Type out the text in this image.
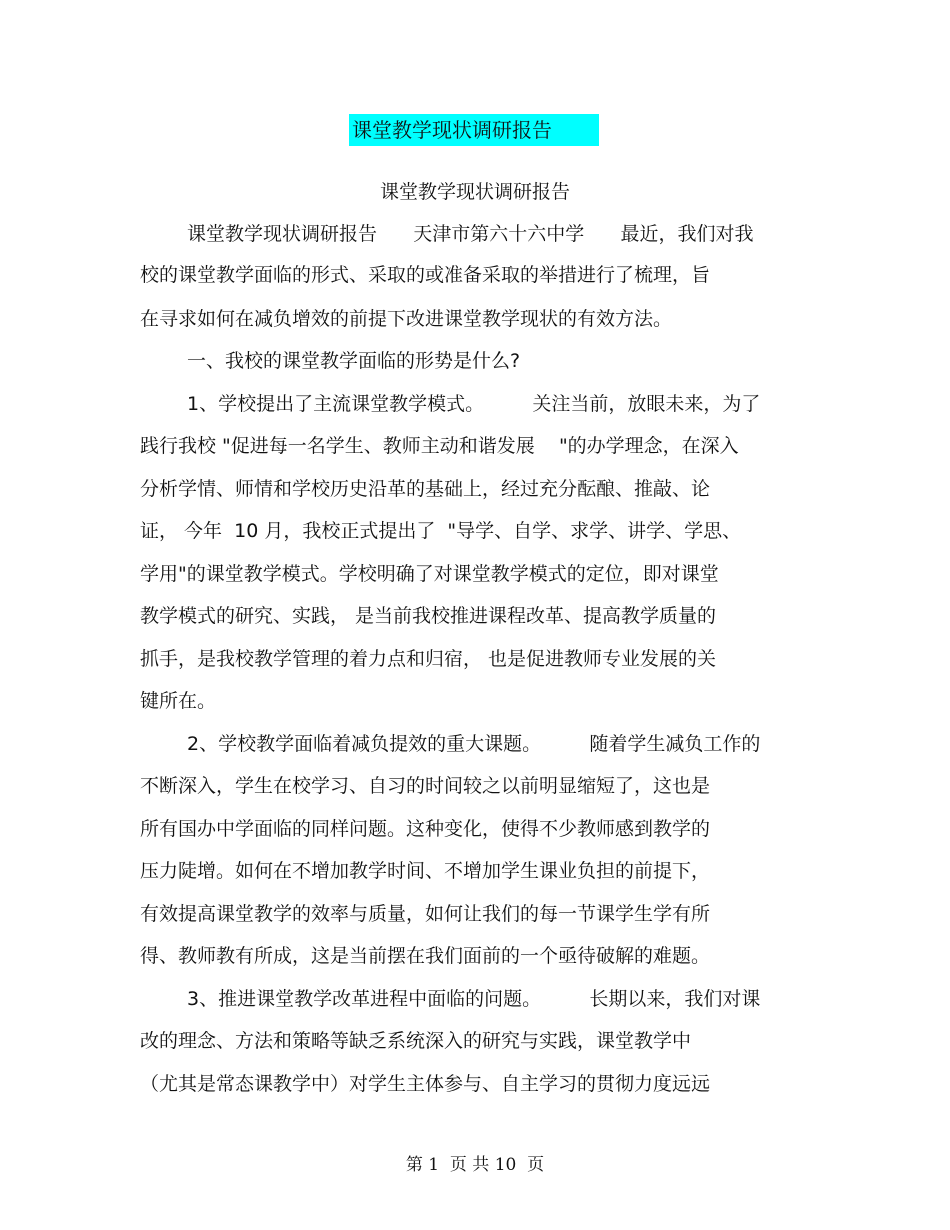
课堂教学现状调研报告
课堂教学现状调研报告
课堂教学现状调研报告      天津市第六十六中学      最近，我们对我
校的课堂教学面临的形式、采取的或准备采取的举措进行了梳理，旨
在寻求如何在减负增效的前提下改进课堂教学现状的有效方法。
一、我校的课堂教学面临的形势是什么?
1、学校提出了主流课堂教学模式。        关注当前，放眼未来，为了
践行我校 "促进每一名学生、教师主动和谐发展    "的办学理念，在深入
分析学情、师情和学校历史沿革的基础上，经过充分酝酿、推敲、论
证， 今年  10 月，我校正式提出了  "导学、自学、求学、讲学、学思、
学用"的课堂教学模式。学校明确了对课堂教学模式的定位，即对课堂
教学模式的研究、实践， 是当前我校推进课程改革、提高教学质量的
抓手，是我校教学管理的着力点和归宿， 也是促进教师专业发展的关
键所在。
2、学校教学面临着减负提效的重大课题。        随着学生减负工作的
不断深入，学生在校学习、自习的时间较之以前明显缩短了，这也是
所有国办中学面临的同样问题。这种变化，使得不少教师感到教学的
压力陡增。如何在不增加教学时间、不增加学生课业负担的前提下，
有效提高课堂教学的效率与质量，如何让我们的每一节课学生学有所
得、教师教有所成，这是当前摆在我们面前的一个亟待破解的难题。
3、推进课堂教学改革进程中面临的问题。        长期以来，我们对课
改的理念、方法和策略等缺乏系统深入的研究与实践，课堂教学中
（尤其是常态课教学中）对学生主体参与、自主学习的贯彻力度远远
第 1  页 共 10  页
